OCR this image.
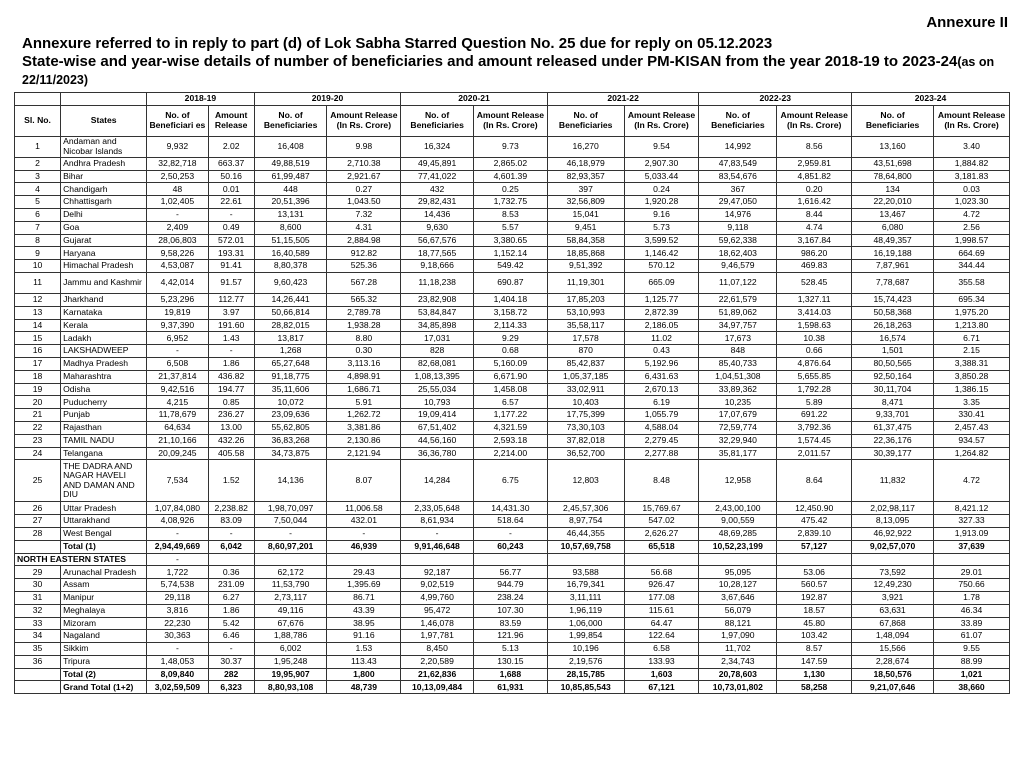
Annexure II
Annexure referred to in reply to part (d) of Lok Sabha Starred Question No. 25 due for reply on 05.12.2023
State-wise and year-wise details of number of beneficiaries and amount released under PM-KISAN from the year 2018-19 to 2023-24(as on 22/11/2023)
		2018-19		2019-20		2020-21		2021-22		2022-23		2023-24	
Sl. No.	States	No. of Beneficiari es	Amount Release	No. of Beneficiaries	Amount Release (In Rs. Crore)	No. of Beneficiaries	Amount Release (In Rs. Crore)	No. of Beneficiaries	Amount Release (In Rs. Crore)	No. of Beneficiaries	Amount Release (In Rs. Crore)	No. of Beneficiaries	Amount Release (In Rs. Crore)
1	Andaman and Nicobar Islands	9,932	2.02	16,408	9.98	16,324	9.73	16,270	9.54	14,992	8.56	13,160	3.40
2	Andhra Pradesh	32,82,718	663.37	49,88,519	2,710.38	49,45,891	2,865.02	46,18,979	2,907.30	47,83,549	2,959.81	43,51,698	1,884.82
3	Bihar	2,50,253	50.16	61,99,487	2,921.67	77,41,022	4,601.39	82,93,357	5,033.44	83,54,676	4,851.82	78,64,800	3,181.83
4	Chandigarh	48	0.01	448	0.27	432	0.25	397	0.24	367	0.20	134	0.03
5	Chhattisgarh	1,02,405	22.61	20,51,396	1,043.50	29,82,431	1,732.75	32,56,809	1,920.28	29,47,050	1,616.42	22,20,010	1,023.30
6	Delhi	-	-	13,131	7.32	14,436	8.53	15,041	9.16	14,976	8.44	13,467	4.72
7	Goa	2,409	0.49	8,600	4.31	9,630	5.57	9,451	5.73	9,118	4.74	6,080	2.56
8	Gujarat	28,06,803	572.01	51,15,505	2,884.98	56,67,576	3,380.65	58,84,358	3,599.52	59,62,338	3,167.84	48,49,357	1,998.57
9	Haryana	9,58,226	193.31	16,40,589	912.82	18,77,565	1,152.14	18,85,868	1,146.42	18,62,403	986.20	16,19,188	664.69
10	Himachal Pradesh	4,53,087	91.41	8,80,378	525.36	9,18,666	549.42	9,51,392	570.12	9,46,579	469.83	7,87,961	344.44
11	Jammu and Kashmir	4,42,014	91.57	9,60,423	567.28	11,18,238	690.87	11,19,301	665.09	11,07,122	528.45	7,78,687	355.58
12	Jharkhand	5,23,296	112.77	14,26,441	565.32	23,82,908	1,404.18	17,85,203	1,125.77	22,61,579	1,327.11	15,74,423	695.34
13	Karnataka	19,819	3.97	50,66,814	2,789.78	53,84,847	3,158.72	53,10,993	2,872.39	51,89,062	3,414.03	50,58,368	1,975.20
14	Kerala	9,37,390	191.60	28,82,015	1,938.28	34,85,898	2,114.33	35,58,117	2,186.05	34,97,757	1,598.63	26,18,263	1,213.80
15	Ladakh	6,952	1.43	13,817	8.80	17,031	9.29	17,578	11.02	17,673	10.38	16,574	6.71
16	LAKSHADWEEP	-	-	1,268	0.30	828	0.68	870	0.43	848	0.66	1,501	2.15
17	Madhya Pradesh	6,508	1.86	65,27,648	3,113.16	82,68,081	5,160.09	85,42,837	5,192.96	85,40,733	4,876.64	80,50,565	3,388.31
18	Maharashtra	21,37,814	436.82	91,18,775	4,898.91	1,08,13,395	6,671.90	1,05,37,185	6,431.63	1,04,51,308	5,655.85	92,50,164	3,850.28
19	Odisha	9,42,516	194.77	35,11,606	1,686.71	25,55,034	1,458.08	33,02,911	2,670.13	33,89,362	1,792.28	30,11,704	1,386.15
20	Puducherry	4,215	0.85	10,072	5.91	10,793	6.57	10,403	6.19	10,235	5.89	8,471	3.35
21	Punjab	11,78,679	236.27	23,09,636	1,262.72	19,09,414	1,177.22	17,75,399	1,055.79	17,07,679	691.22	9,33,701	330.41
22	Rajasthan	64,634	13.00	55,62,805	3,381.86	67,51,402	4,321.59	73,30,103	4,588.04	72,59,774	3,792.36	61,37,475	2,457.43
23	TAMIL NADU	21,10,166	432.26	36,83,268	2,130.86	44,56,160	2,593.18	37,82,018	2,279.45	32,29,940	1,574.45	22,36,176	934.57
24	Telangana	20,09,245	405.58	34,73,875	2,121.94	36,36,780	2,214.00	36,52,700	2,277.88	35,81,177	2,011.57	30,39,177	1,264.82
25	THE DADRA AND NAGAR HAVELI AND DAMAN AND DIU	7,534	1.52	14,136	8.07	14,284	6.75	12,803	8.48	12,958	8.64	11,832	4.72
26	Uttar Pradesh	1,07,84,080	2,238.82	1,98,70,097	11,006.58	2,33,05,648	14,431.30	2,45,57,306	15,769.67	2,43,00,100	12,450.90	2,02,98,117	8,421.12
27	Uttarakhand	4,08,926	83.09	7,50,044	432.01	8,61,934	518.64	8,97,754	547.02	9,00,559	475.42	8,13,095	327.33
28	West Bengal	-	-	-	-	-	-	46,44,355	2,626.27	48,69,285	2,839.10	46,92,922	1,913.09
	Total (1)	2,94,49,669	6,042	8,60,97,201	46,939	9,91,46,648	60,243	10,57,69,758	65,518	10,52,23,199	57,127	9,02,57,070	37,639
NORTH EASTERN STATES		-											
29	Arunachal Pradesh	1,722	0.36	62,172	29.43	92,187	56.77	93,588	56.68	95,095	53.06	73,592	29.01
30	Assam	5,74,538	231.09	11,53,790	1,395.69	9,02,519	944.79	16,79,341	926.47	10,28,127	560.57	12,49,230	750.66
31	Manipur	29,118	6.27	2,73,117	86.71	4,99,760	238.24	3,11,111	177.08	3,67,646	192.87	3,921	1.78
32	Meghalaya	3,816	1.86	49,116	43.39	95,472	107.30	1,96,119	115.61	56,079	18.57	63,631	46.34
33	Mizoram	22,230	5.42	67,676	38.95	1,46,078	83.59	1,06,000	64.47	88,121	45.80	67,868	33.89
34	Nagaland	30,363	6.46	1,88,786	91.16	1,97,781	121.96	1,99,854	122.64	1,97,090	103.42	1,48,094	61.07
35	Sikkim	-	-	6,002	1.53	8,450	5.13	10,196	6.58	11,702	8.57	15,566	9.55
36	Tripura	1,48,053	30.37	1,95,248	113.43	2,20,589	130.15	2,19,576	133.93	2,34,743	147.59	2,28,674	88.99
	Total (2)	8,09,840	282	19,95,907	1,800	21,62,836	1,688	28,15,785	1,603	20,78,603	1,130	18,50,576	1,021
	Grand Total (1+2)	3,02,59,509	6,323	8,80,93,108	48,739	10,13,09,484	61,931	10,85,85,543	67,121	10,73,01,802	58,258	9,21,07,646	38,660
